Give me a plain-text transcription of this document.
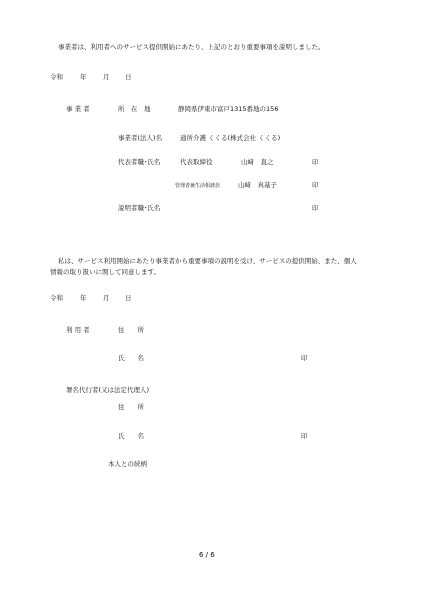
事業者は、利用者へのサービス提供開始にあたり、上記のとおり重要事項を説明しました。
令和	年	月 日
事 業 者	所　在　地	静岡県伊東市富戸1315番地の156
事業者(法人)名	通所介護 くくる(株式会社 くくる)
代表者職･氏名	代表取締役	山﨑　直之	印
管理者兼生活相談員	山﨑　真基子	印
説明者職･氏名	印
私は、サービス利用開始にあたり事業者から重要事項の説明を受け、サービスの提供開始、また、個人
情報の取り扱いに関して同意します。
令和	年	月 日
利 用 者	住　　所
氏　　名	印
署名代行者(又は法定代理人)
住　　所
氏　　名	印
本人との続柄
6 / 6
